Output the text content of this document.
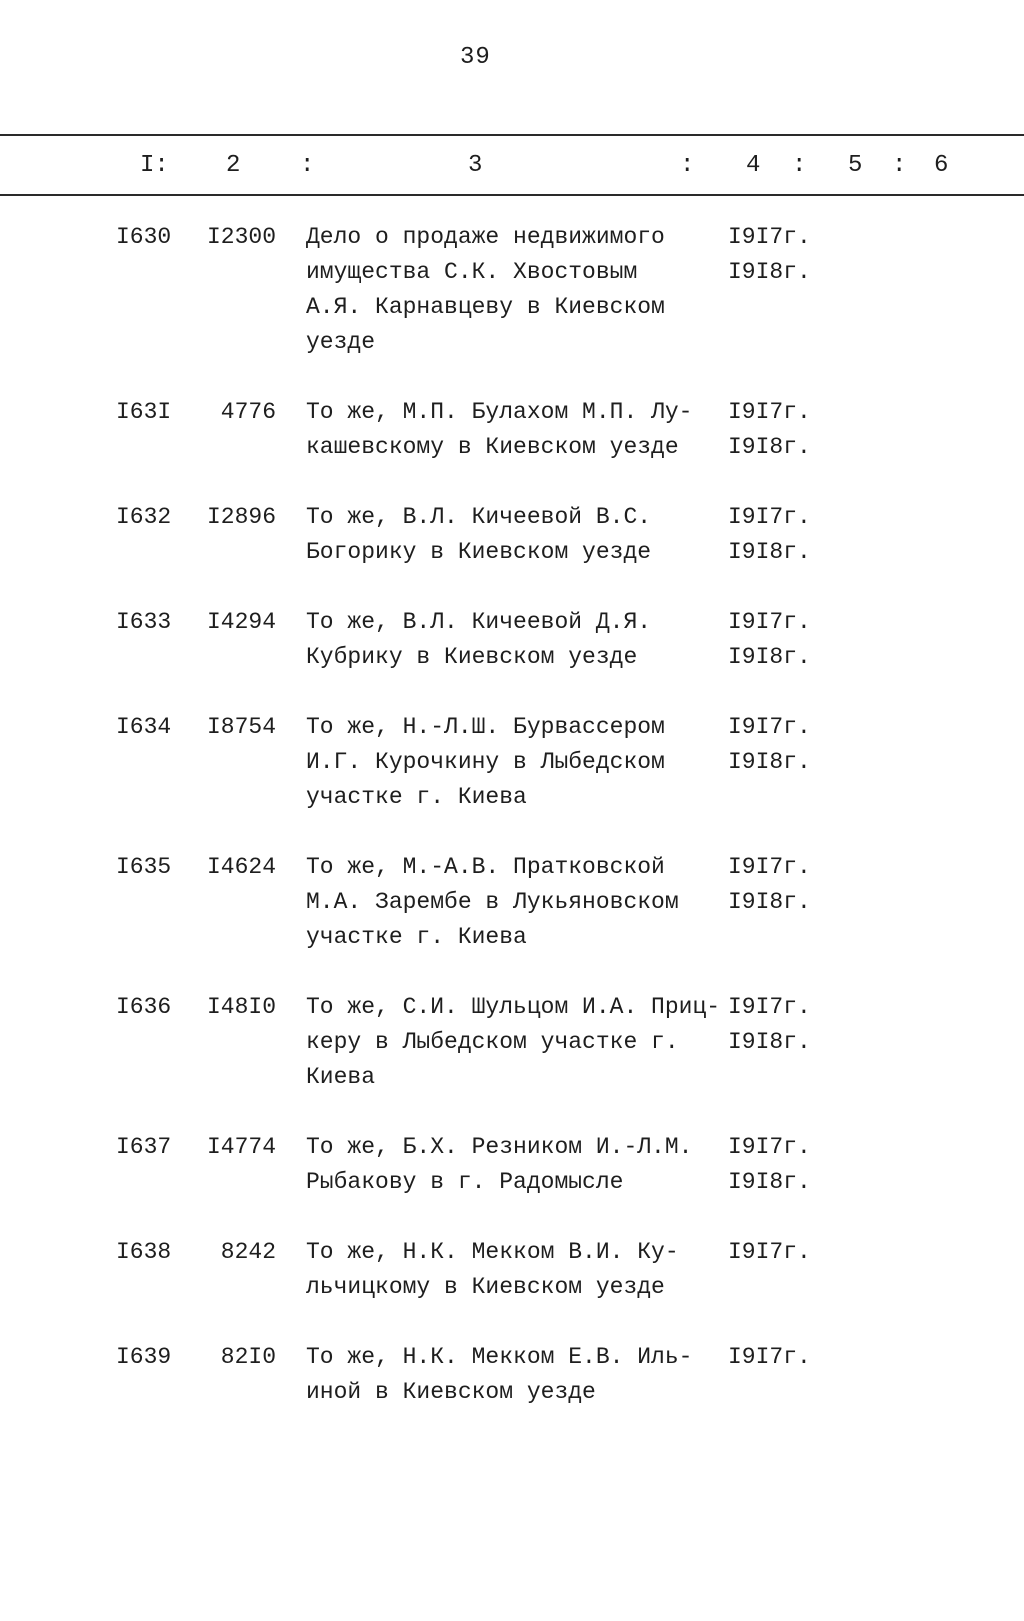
39
I: 2 :	3	: 4 : 5 : 6
I630	I2300 Дело о продаже недвижимого
имущества С.К. Хвостовым
А.Я. Карнавцеву в Киевском
уезде
I9I7г.
I9I8г.
I63I	4776 То же, М.П. Булахом М.П. Лу-
кашевскому в Киевском уезде
I9I7г.
I9I8г.
I632	I2896 То же, В.Л. Кичеевой В.С.
Богорику в Киевском уезде
I9I7г.
I9I8г.
I633	I4294 То же, В.Л. Кичеевой Д.Я.
Кубрику в Киевском уезде
I9I7г.
I9I8г.
I634	I8754 То же, Н.-Л.Ш. Бурвассером
И.Г. Курочкину в Лыбедском
участке г. Киева
I9I7г.
I9I8г.
I635	I4624 То же, М.-А.В. Пратковской
М.А. Зарембе в Лукьяновском
участке г. Киева
I9I7г.
I9I8г.
I636	I48I0 То же, С.И. Шульцом И.А. Приц-
керу в Лыбедском участке г.
Киева
I9I7г.
I9I8г.
I637	I4774 То же, Б.Х. Резником И.-Л.М.
Рыбакову в г. Радомысле
I9I7г.
I9I8г.
I638	8242 То же, Н.К. Мекком В.И. Ку-
льчицкому в Киевском уезде
I9I7г.
I639	82I0 То же, Н.К. Мекком Е.В. Иль-
иной в Киевском уезде
I9I7г.
